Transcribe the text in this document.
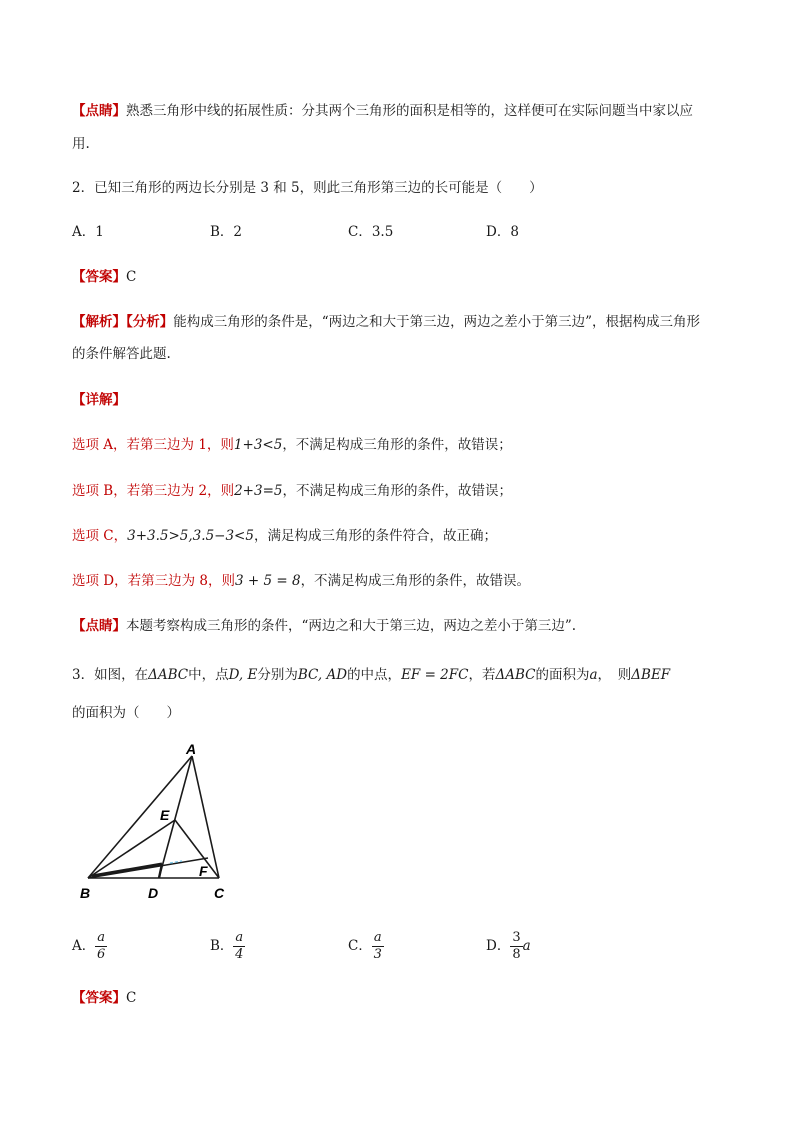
【点睛】熟悉三角形中线的拓展性质：分其两个三角形的面积是相等的，这样便可在实际问题当中家以应
用.
2．已知三角形的两边长分别是 3 和 5，则此三角形第三边的长可能是（　　）
A．1	B．2	C．3.5	D．8
【答案】C
【解析】【分析】能构成三角形的条件是，“两边之和大于第三边，两边之差小于第三边”，根据构成三角形
的条件解答此题.
【详解】
选项 A，若第三边为 1，则1+3<5，不满足构成三角形的条件，故错误；
选项 B，若第三边为 2，则2+3=5，不满足构成三角形的条件，故错误；
选项 C，3+3.5>5,3.5−3<5，满足构成三角形的条件符合，故正确；
选项 D，若第三边为 8，则3 + 5 = 8，不满足构成三角形的条件，故错误。
【点睛】本题考察构成三角形的条件，“两边之和大于第三边，两边之差小于第三边”.
3．如图，在ΔABC中，点D, E分别为BC, AD的中点，EF = 2FC，若ΔABC的面积为a，　则ΔBEF
的面积为（　　）
A
E
F
B	D	C
A． $\frac{a}{6}$	B． $\frac{a}{4}$	C． $\frac{a}{3}$	D． $\frac{3}{8}$ a
【答案】C
